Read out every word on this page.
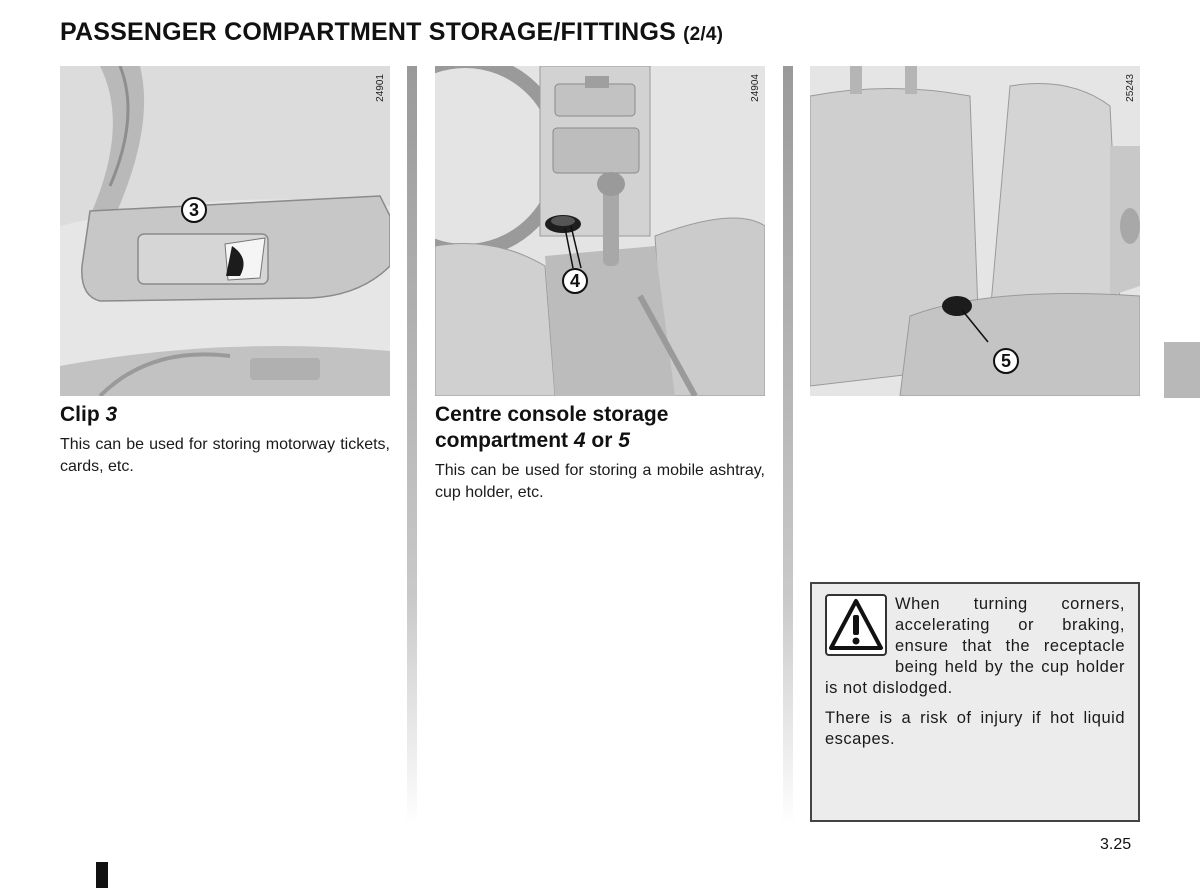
PASSENGER COMPARTMENT STORAGE/FITTINGS (2/4)
24901
3
24904
4
25243
5
Clip 3

This can be used for storing motorway tickets, cards, etc.

Centre console storage
compartment 4 or 5

This can be used for storing a mobile ashtray, cup holder, etc.

When turning corners, accelerating or braking, ensure that the receptacle being held by the cup holder is not dislodged.

There is a risk of injury if hot liquid escapes.

3.25
